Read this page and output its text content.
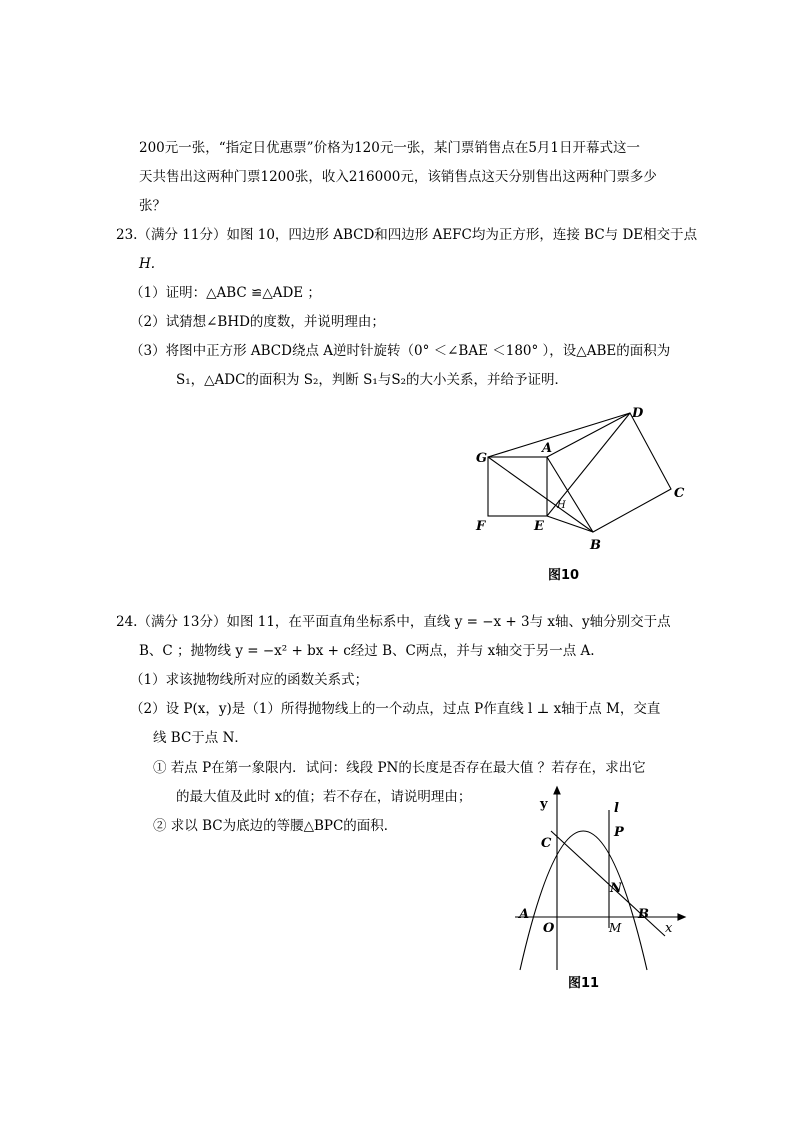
200元一张，“指定日优惠票”价格为120元一张，某门票销售点在5月1日开幕式这一
天共售出这两种门票1200张，收入216000元，该销售点这天分别售出这两种门票多少
张？
23.（满分 11分）如图 10，四边形 ABCD和四边形 AEFC均为正方形，连接 BC与 DE相交于点
H.
（1）证明：△ABC ≌△ADE ；
（2）试猜想∠BHD的度数，并说明理由；
（3）将图中正方形 ABCD绕点 A逆时针旋转（0° ＜∠BAE ＜180° ），设△ABE的面积为
S₁，△ADC的面积为 S₂，判断 S₁与S₂的大小关系，并给予证明．
G
A
D
C
F	E
H
B
图10
24.（满分 13分）如图 11，在平面直角坐标系中，直线 y = −x + 3与 x轴、y轴分别交于点
B、C ；抛物线 y = −x² + bx + c经过 B、C两点，并与 x轴交于另一点 A.
（1）求该抛物线所对应的函数关系式；
（2）设 P(x，y)是（1）所得抛物线上的一个动点，过点 P作直线 l ⊥ x轴于点 M，交直
线 BC于点 N．
① 若点 P在第一象限内．试问：线段 PN的长度是否存在最大值 ？若存在，求出它
的最大值及此时 x的值；若不存在，请说明理由；
② 求以 BC为底边的等腰△BPC的面积．
y	l
C
P
N
A
O	M
B
x
图11
